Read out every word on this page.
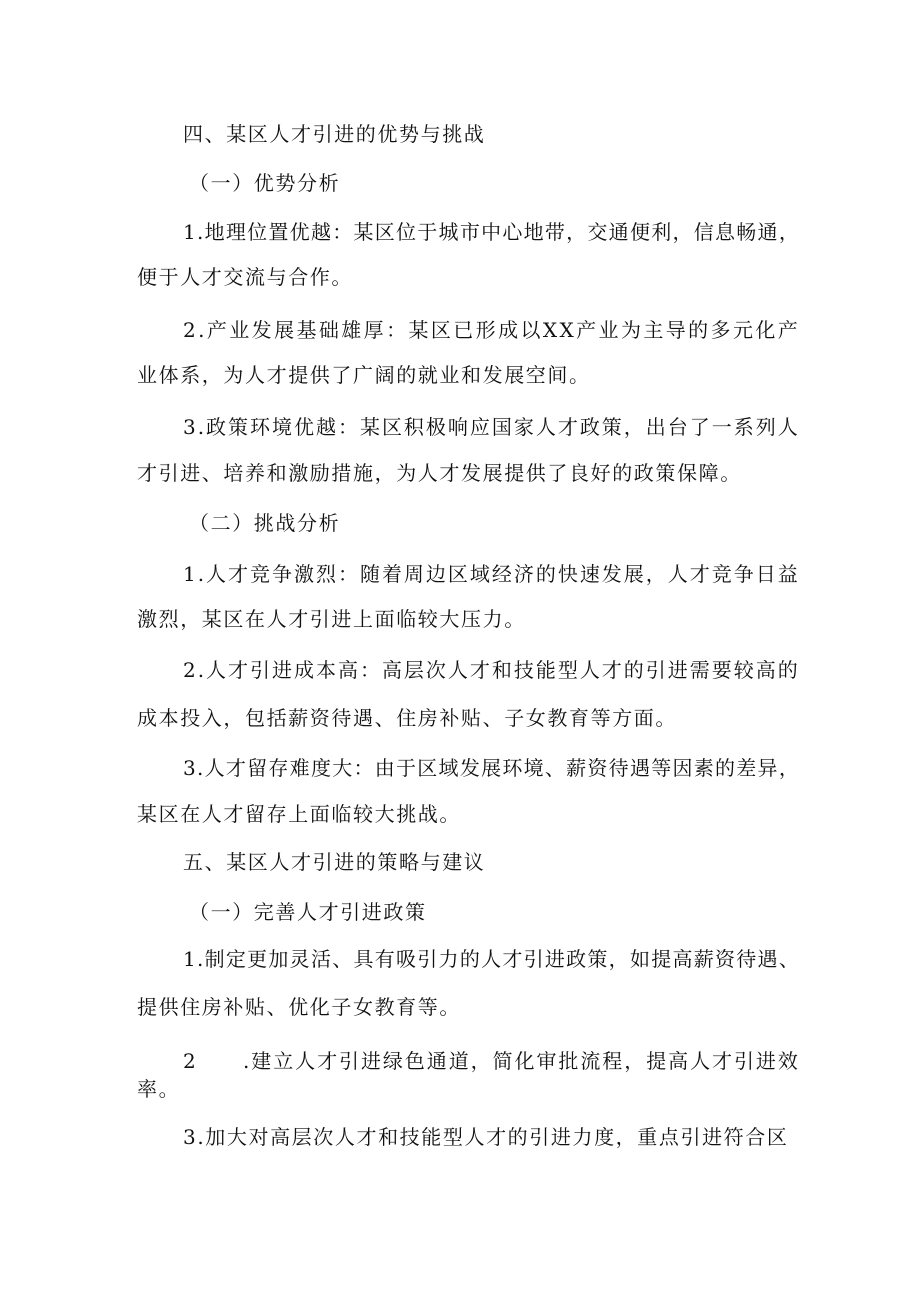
四、某区人才引进的优势与挑战

（一）优势分析

1.地理位置优越：某区位于城市中心地带，交通便利，信息畅通，

便于人才交流与合作。

2.产业发展基础雄厚：某区已形成以XX产业为主导的多元化产

业体系，为人才提供了广阔的就业和发展空间。

3.政策环境优越：某区积极响应国家人才政策，出台了一系列人

才引进、培养和激励措施，为人才发展提供了良好的政策保障。

（二）挑战分析

1.人才竞争激烈：随着周边区域经济的快速发展，人才竞争日益

激烈，某区在人才引进上面临较大压力。

2.人才引进成本高：高层次人才和技能型人才的引进需要较高的

成本投入，包括薪资待遇、住房补贴、子女教育等方面。

3.人才留存难度大：由于区域发展环境、薪资待遇等因素的差异，

某区在人才留存上面临较大挑战。

五、某区人才引进的策略与建议

（一）完善人才引进政策

1.制定更加灵活、具有吸引力的人才引进政策，如提高薪资待遇、

提供住房补贴、优化子女教育等。

2 .建立人才引进绿色通道，简化审批流程，提高人才引进效

率。

3.加大对高层次人才和技能型人才的引进力度，重点引进符合区
